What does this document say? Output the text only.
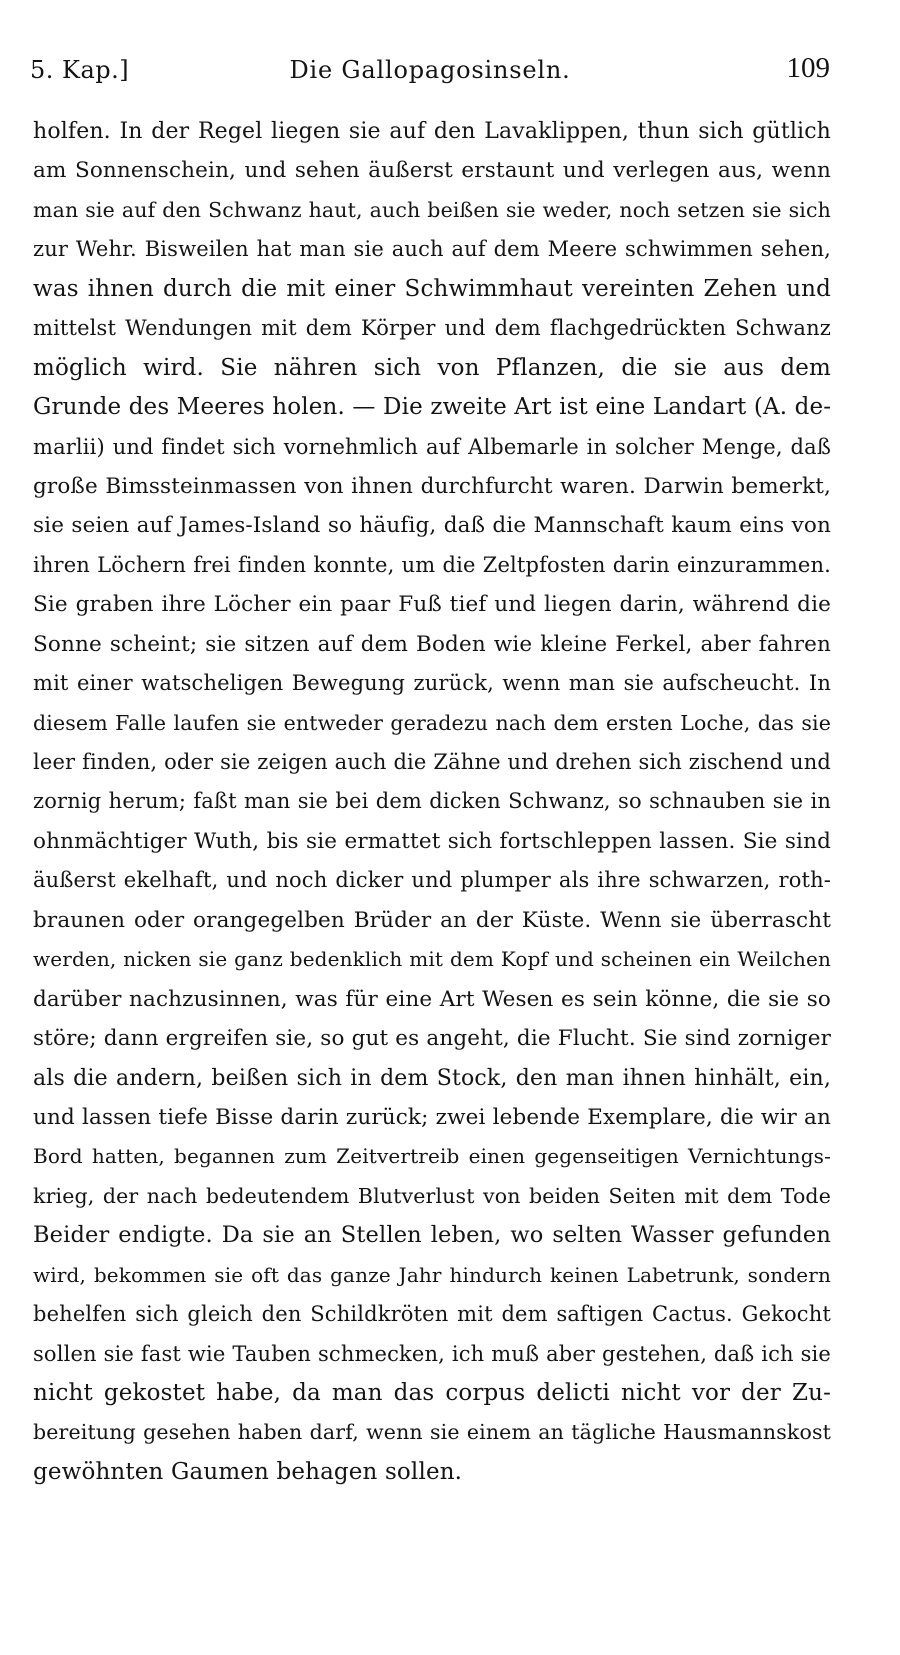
5. Kap.]	Die Gallopagosinseln.	109
holfen. In der Regel liegen sie auf den Lavaklippen, thun sich gütlich
am Sonnenschein, und sehen äußerst erstaunt und verlegen aus, wenn
man sie auf den Schwanz haut, auch beißen sie weder, noch setzen sie sich
zur Wehr. Bisweilen hat man sie auch auf dem Meere schwimmen sehen,
was ihnen durch die mit einer Schwimmhaut vereinten Zehen und
mittelst Wendungen mit dem Körper und dem flachgedrückten Schwanz
möglich wird. Sie nähren sich von Pflanzen, die sie aus dem
Grunde des Meeres holen. — Die zweite Art ist eine Landart (A. de-
marlii) und findet sich vornehmlich auf Albemarle in solcher Menge, daß
große Bimssteinmassen von ihnen durchfurcht waren. Darwin bemerkt,
sie seien auf James-Island so häufig, daß die Mannschaft kaum eins von
ihren Löchern frei finden konnte, um die Zeltpfosten darin einzurammen.
Sie graben ihre Löcher ein paar Fuß tief und liegen darin, während die
Sonne scheint; sie sitzen auf dem Boden wie kleine Ferkel, aber fahren
mit einer watscheligen Bewegung zurück, wenn man sie aufscheucht. In
diesem Falle laufen sie entweder geradezu nach dem ersten Loche, das sie
leer finden, oder sie zeigen auch die Zähne und drehen sich zischend und
zornig herum; faßt man sie bei dem dicken Schwanz, so schnauben sie in
ohnmächtiger Wuth, bis sie ermattet sich fortschleppen lassen. Sie sind
äußerst ekelhaft, und noch dicker und plumper als ihre schwarzen, roth-
braunen oder orangegelben Brüder an der Küste. Wenn sie überrascht
werden, nicken sie ganz bedenklich mit dem Kopf und scheinen ein Weilchen
darüber nachzusinnen, was für eine Art Wesen es sein könne, die sie so
störe; dann ergreifen sie, so gut es angeht, die Flucht. Sie sind zorniger
als die andern, beißen sich in dem Stock, den man ihnen hinhält, ein,
und lassen tiefe Bisse darin zurück; zwei lebende Exemplare, die wir an
Bord hatten, begannen zum Zeitvertreib einen gegenseitigen Vernichtungs-
krieg, der nach bedeutendem Blutverlust von beiden Seiten mit dem Tode
Beider endigte. Da sie an Stellen leben, wo selten Wasser gefunden
wird, bekommen sie oft das ganze Jahr hindurch keinen Labetrunk, sondern
behelfen sich gleich den Schildkröten mit dem saftigen Cactus. Gekocht
sollen sie fast wie Tauben schmecken, ich muß aber gestehen, daß ich sie
nicht gekostet habe, da man das corpus delicti nicht vor der Zu-
bereitung gesehen haben darf, wenn sie einem an tägliche Hausmannskost
gewöhnten Gaumen behagen sollen.
